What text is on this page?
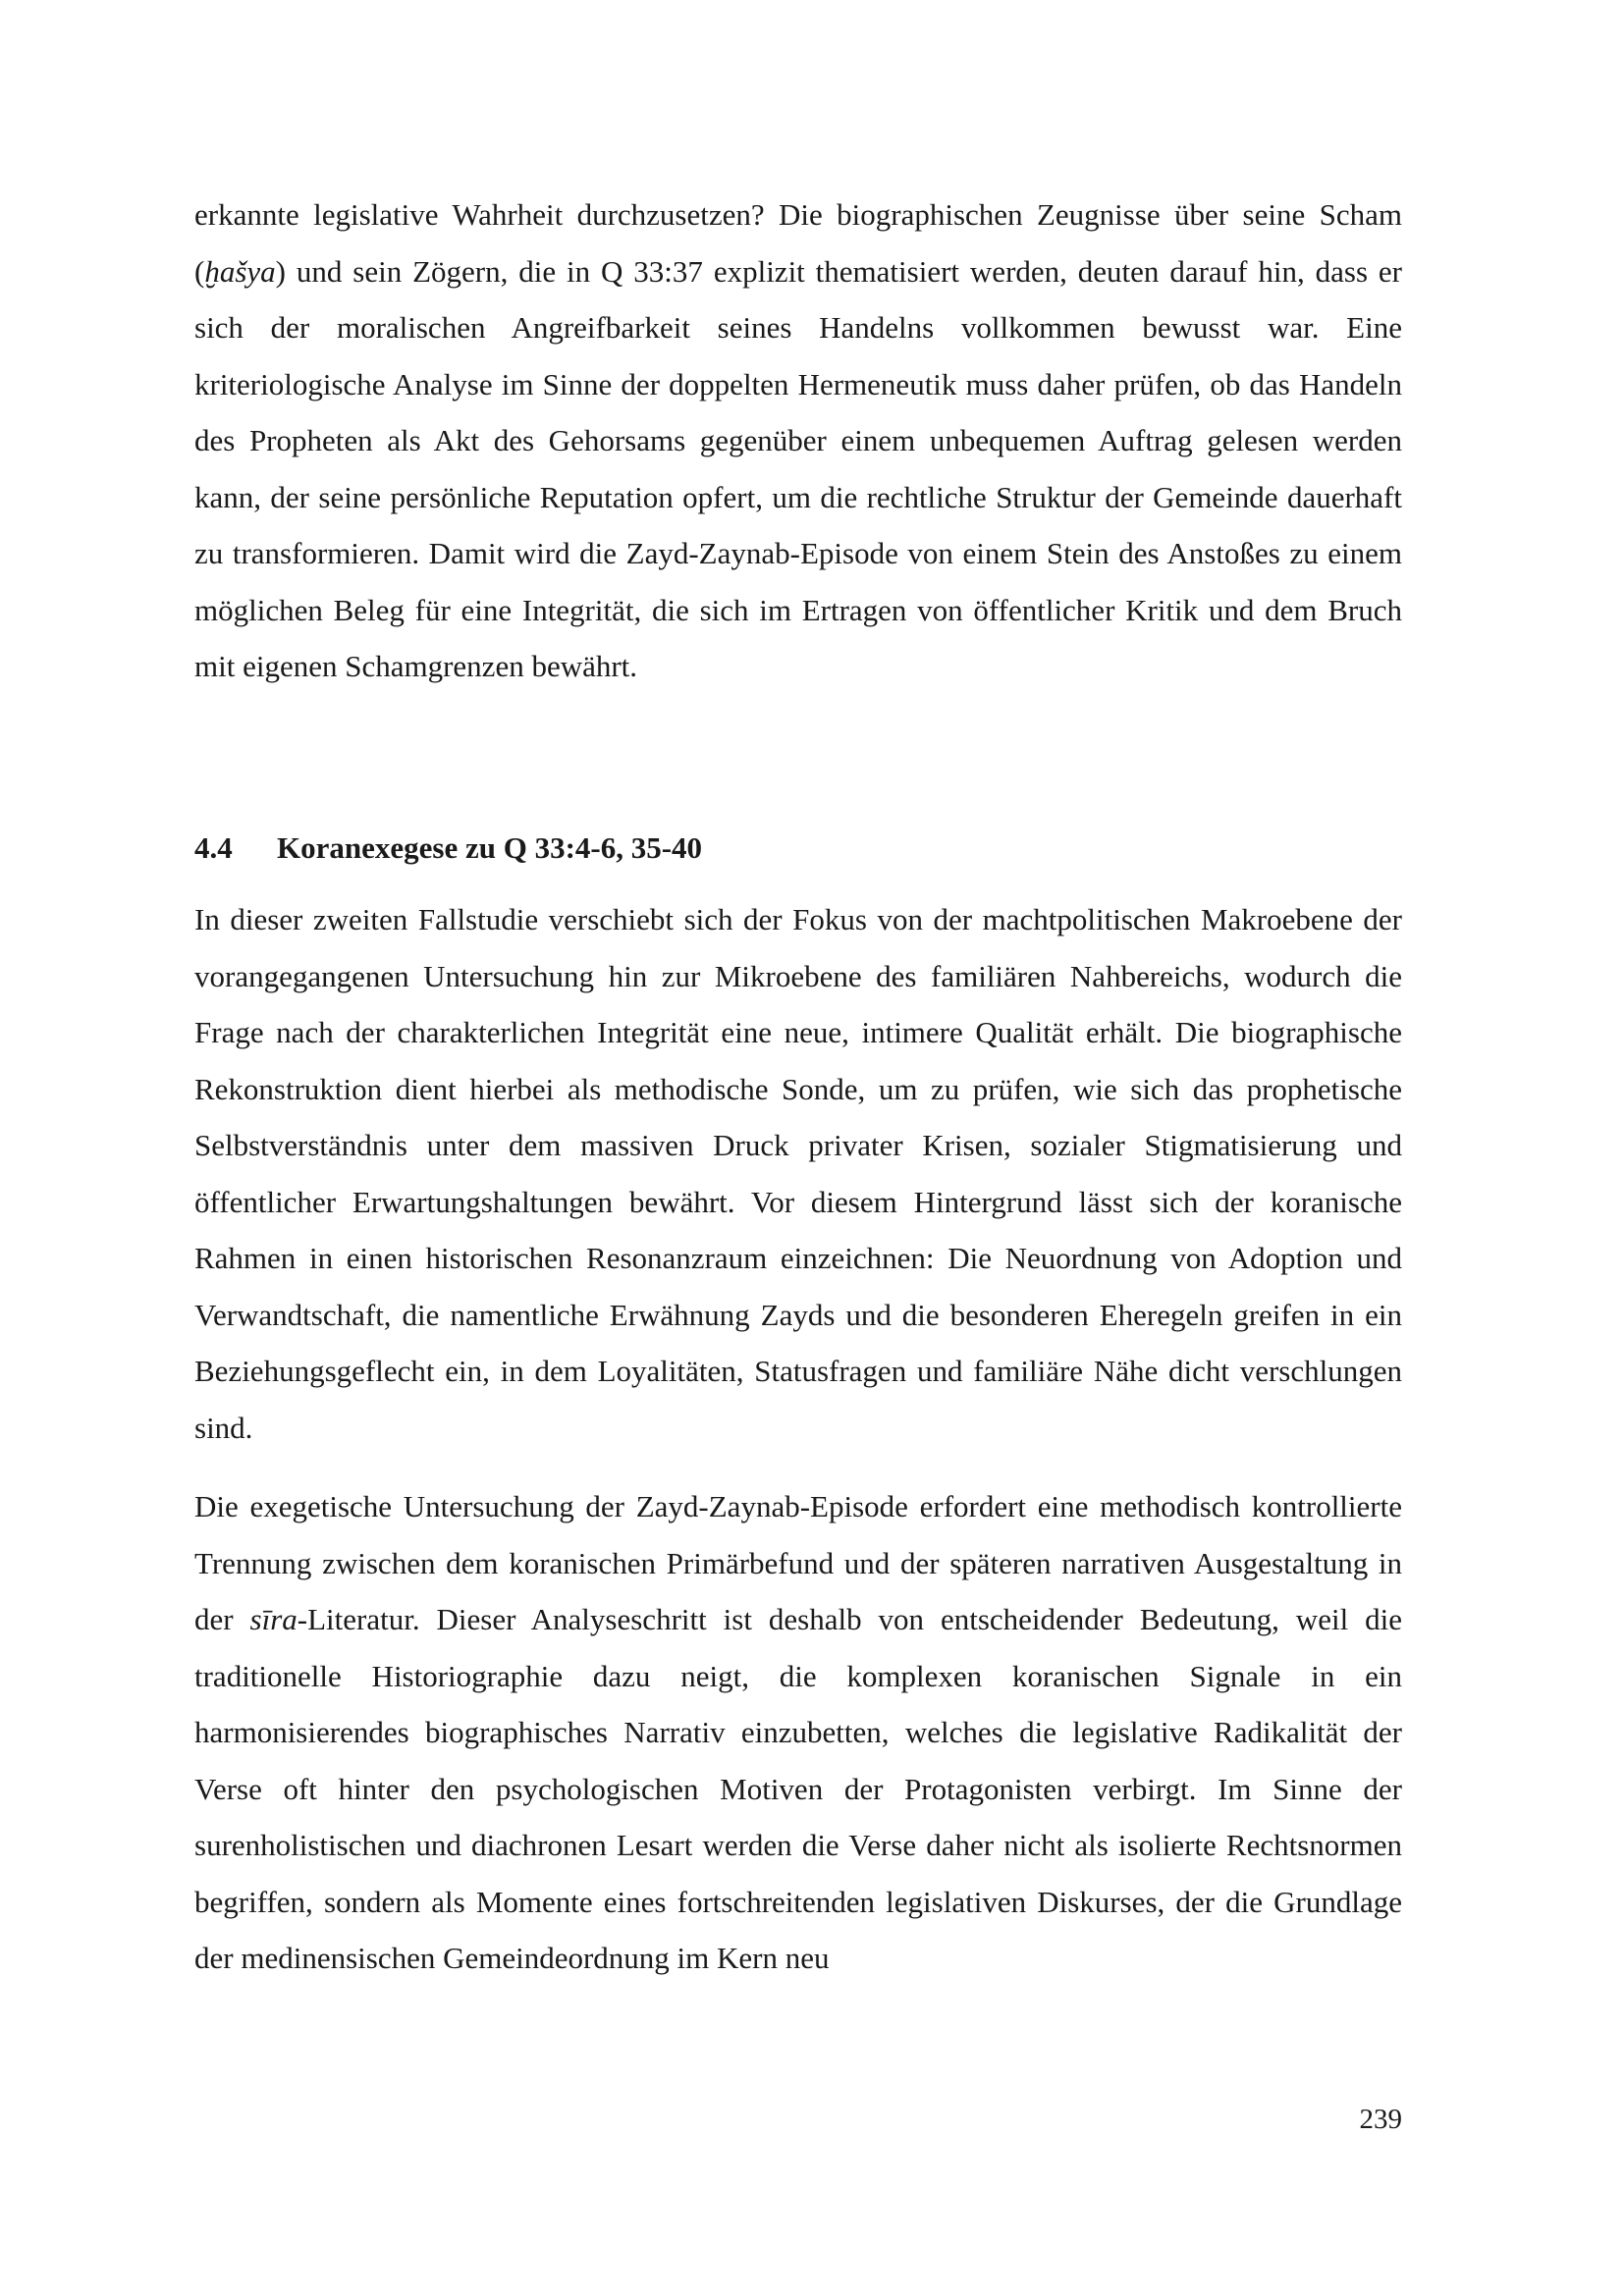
erkannte legislative Wahrheit durchzusetzen? Die biographischen Zeugnisse über seine Scham (ḫašya) und sein Zögern, die in Q 33:37 explizit thematisiert werden, deuten darauf hin, dass er sich der moralischen Angreifbarkeit seines Handelns vollkommen bewusst war. Eine kriteriologische Analyse im Sinne der doppelten Hermeneutik muss daher prüfen, ob das Handeln des Propheten als Akt des Gehorsams gegenüber einem unbequemen Auftrag gelesen werden kann, der seine persönliche Reputation opfert, um die rechtliche Struktur der Gemeinde dauerhaft zu transformieren. Damit wird die Zayd-Zaynab-Episode von einem Stein des Anstoßes zu einem möglichen Beleg für eine Integrität, die sich im Ertragen von öffentlicher Kritik und dem Bruch mit eigenen Schamgrenzen bewährt.

4.4 Koranexegese zu Q 33:4-6, 35-40

In dieser zweiten Fallstudie verschiebt sich der Fokus von der machtpolitischen Makroebene der vorangegangenen Untersuchung hin zur Mikroebene des familiären Nahbereichs, wodurch die Frage nach der charakterlichen Integrität eine neue, intimere Qualität erhält. Die biographische Rekonstruktion dient hierbei als methodische Sonde, um zu prüfen, wie sich das prophetische Selbstverständnis unter dem massiven Druck privater Krisen, sozialer Stigmatisierung und öffentlicher Erwartungshaltungen bewährt. Vor diesem Hintergrund lässt sich der koranische Rahmen in einen historischen Resonanzraum einzeichnen: Die Neuordnung von Adoption und Verwandtschaft, die namentliche Erwähnung Zayds und die besonderen Eheregeln greifen in ein Beziehungsgeflecht ein, in dem Loyalitäten, Statusfragen und familiäre Nähe dicht verschlungen sind.

Die exegetische Untersuchung der Zayd-Zaynab-Episode erfordert eine methodisch kontrollierte Trennung zwischen dem koranischen Primärbefund und der späteren narrativen Ausgestaltung in der sīra-Literatur. Dieser Analyseschritt ist deshalb von entscheidender Bedeutung, weil die traditionelle Historiographie dazu neigt, die komplexen koranischen Signale in ein harmonisierendes biographisches Narrativ einzubetten, welches die legislative Radikalität der Verse oft hinter den psychologischen Motiven der Protagonisten verbirgt. Im Sinne der surenholistischen und diachronen Lesart werden die Verse daher nicht als isolierte Rechtsnormen begriffen, sondern als Momente eines fortschreitenden legislativen Diskurses, der die Grundlage der medinensischen Gemeindeordnung im Kern neu

239
